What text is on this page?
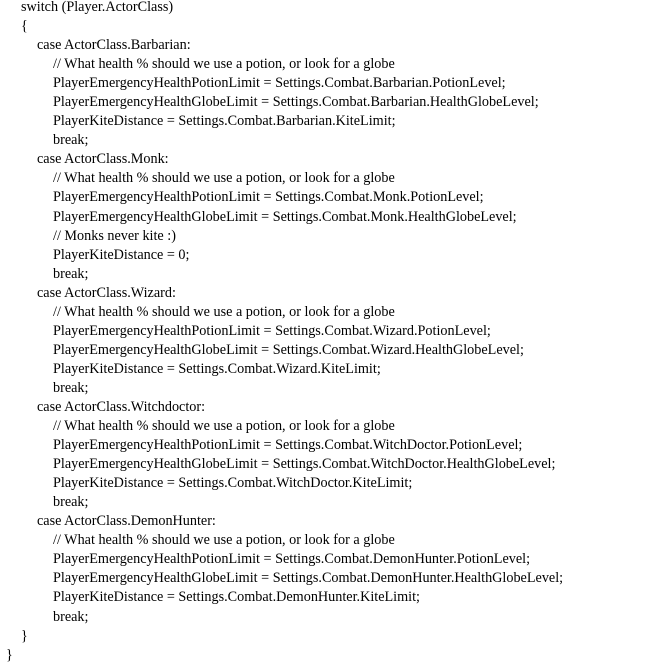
switch (Player.ActorClass)
{
case ActorClass.Barbarian:
// What health % should we use a potion, or look for a globe
PlayerEmergencyHealthPotionLimit = Settings.Combat.Barbarian.PotionLevel;
PlayerEmergencyHealthGlobeLimit = Settings.Combat.Barbarian.HealthGlobeLevel;
PlayerKiteDistance = Settings.Combat.Barbarian.KiteLimit;
break;
case ActorClass.Monk:
// What health % should we use a potion, or look for a globe
PlayerEmergencyHealthPotionLimit = Settings.Combat.Monk.PotionLevel;
PlayerEmergencyHealthGlobeLimit = Settings.Combat.Monk.HealthGlobeLevel;
// Monks never kite :)
PlayerKiteDistance = 0;
break;
case ActorClass.Wizard:
// What health % should we use a potion, or look for a globe
PlayerEmergencyHealthPotionLimit = Settings.Combat.Wizard.PotionLevel;
PlayerEmergencyHealthGlobeLimit = Settings.Combat.Wizard.HealthGlobeLevel;
PlayerKiteDistance = Settings.Combat.Wizard.KiteLimit;
break;
case ActorClass.Witchdoctor:
// What health % should we use a potion, or look for a globe
PlayerEmergencyHealthPotionLimit = Settings.Combat.WitchDoctor.PotionLevel;
PlayerEmergencyHealthGlobeLimit = Settings.Combat.WitchDoctor.HealthGlobeLevel;
PlayerKiteDistance = Settings.Combat.WitchDoctor.KiteLimit;
break;
case ActorClass.DemonHunter:
// What health % should we use a potion, or look for a globe
PlayerEmergencyHealthPotionLimit = Settings.Combat.DemonHunter.PotionLevel;
PlayerEmergencyHealthGlobeLimit = Settings.Combat.DemonHunter.HealthGlobeLevel;
PlayerKiteDistance = Settings.Combat.DemonHunter.KiteLimit;
break;
}
}
